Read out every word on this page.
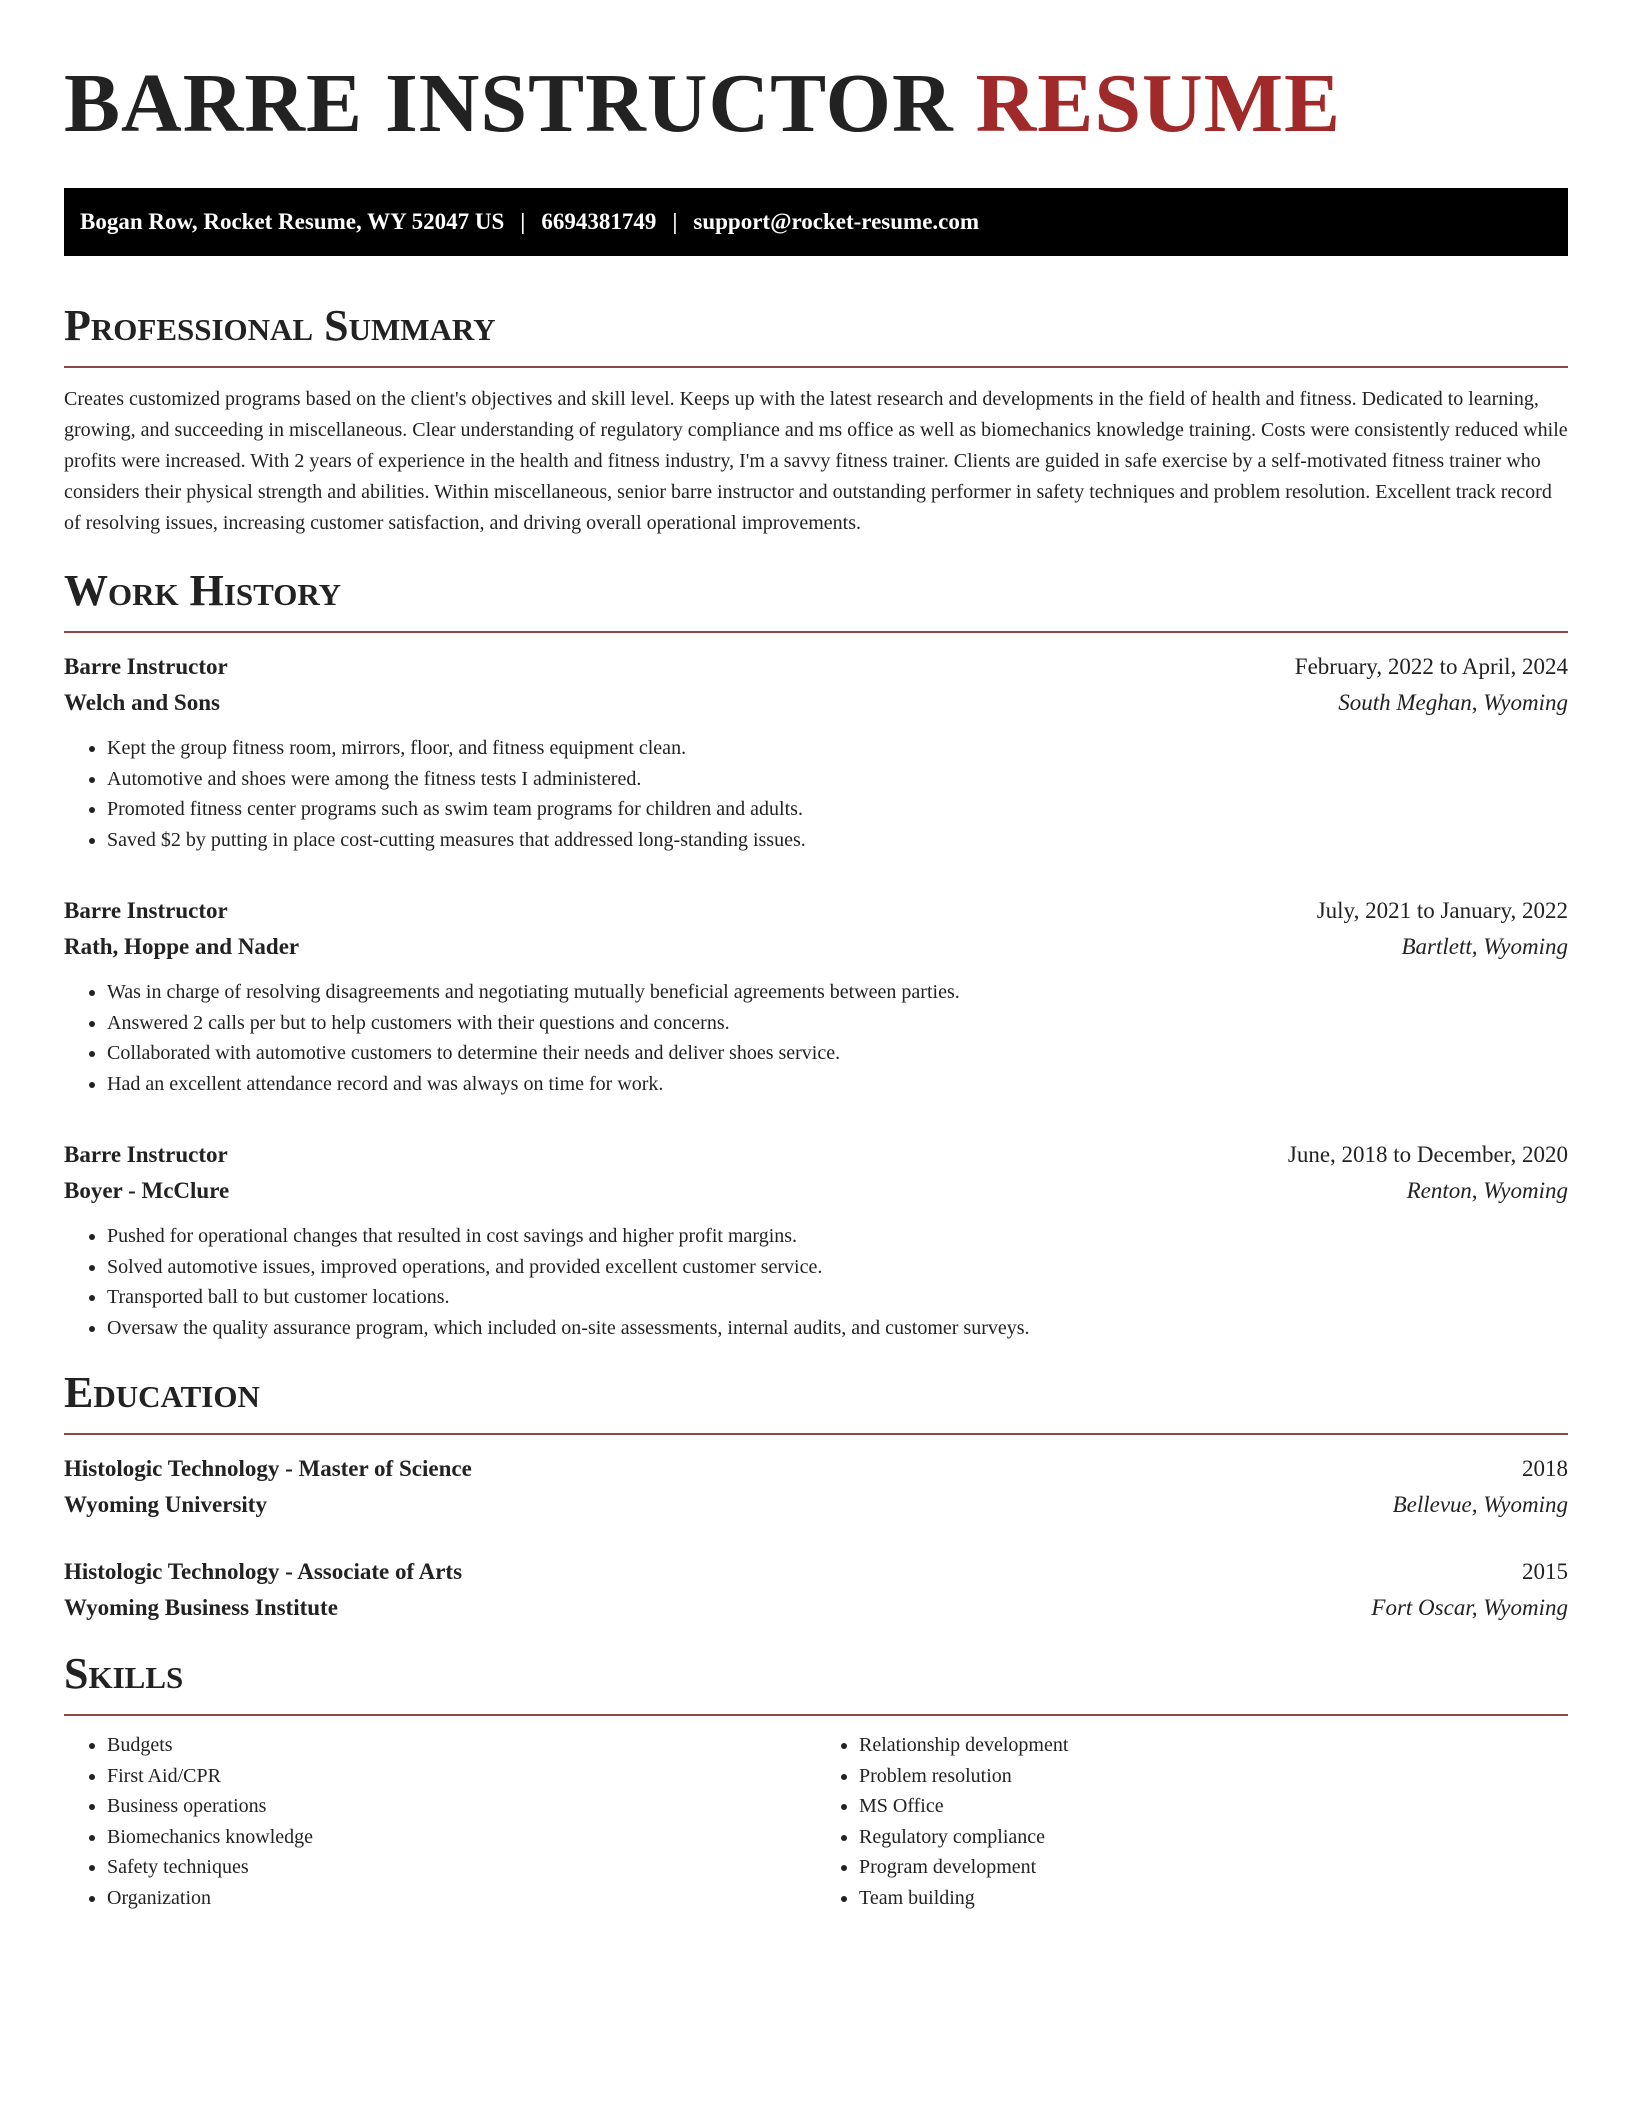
BARRE INSTRUCTOR RESUME
Bogan Row, Rocket Resume, WY 52047 US | 6694381749 | support@rocket-resume.com
Professional Summary

Creates customized programs based on the client's objectives and skill level. Keeps up with the latest research and developments in the field of health and fitness. Dedicated to learning, growing, and succeeding in miscellaneous. Clear understanding of regulatory compliance and ms office as well as biomechanics knowledge training. Costs were consistently reduced while profits were increased. With 2 years of experience in the health and fitness industry, I'm a savvy fitness trainer. Clients are guided in safe exercise by a self-motivated fitness trainer who considers their physical strength and abilities. Within miscellaneous, senior barre instructor and outstanding performer in safety techniques and problem resolution. Excellent track record of resolving issues, increasing customer satisfaction, and driving overall operational improvements.

Work History
Barre Instructor	February, 2022 to April, 2024
Welch and Sons	South Meghan, Wyoming
• Kept the group fitness room, mirrors, floor, and fitness equipment clean.
• Automotive and shoes were among the fitness tests I administered.
• Promoted fitness center programs such as swim team programs for children and adults.
• Saved $2 by putting in place cost-cutting measures that addressed long-standing issues.
Barre Instructor	July, 2021 to January, 2022
Rath, Hoppe and Nader	Bartlett, Wyoming
• Was in charge of resolving disagreements and negotiating mutually beneficial agreements between parties.
• Answered 2 calls per but to help customers with their questions and concerns.
• Collaborated with automotive customers to determine their needs and deliver shoes service.
• Had an excellent attendance record and was always on time for work.
Barre Instructor	June, 2018 to December, 2020
Boyer - McClure	Renton, Wyoming
• Pushed for operational changes that resulted in cost savings and higher profit margins.
• Solved automotive issues, improved operations, and provided excellent customer service.
• Transported ball to but customer locations.
• Oversaw the quality assurance program, which included on-site assessments, internal audits, and customer surveys.
Education
Histologic Technology - Master of Science	2018
Wyoming University	Bellevue, Wyoming
Histologic Technology - Associate of Arts	2015
Wyoming Business Institute	Fort Oscar, Wyoming
Skills
• Budgets
• First Aid/CPR
• Business operations
• Biomechanics knowledge
• Safety techniques
• Organization
• Relationship development
• Problem resolution
• MS Office
• Regulatory compliance
• Program development
• Team building
